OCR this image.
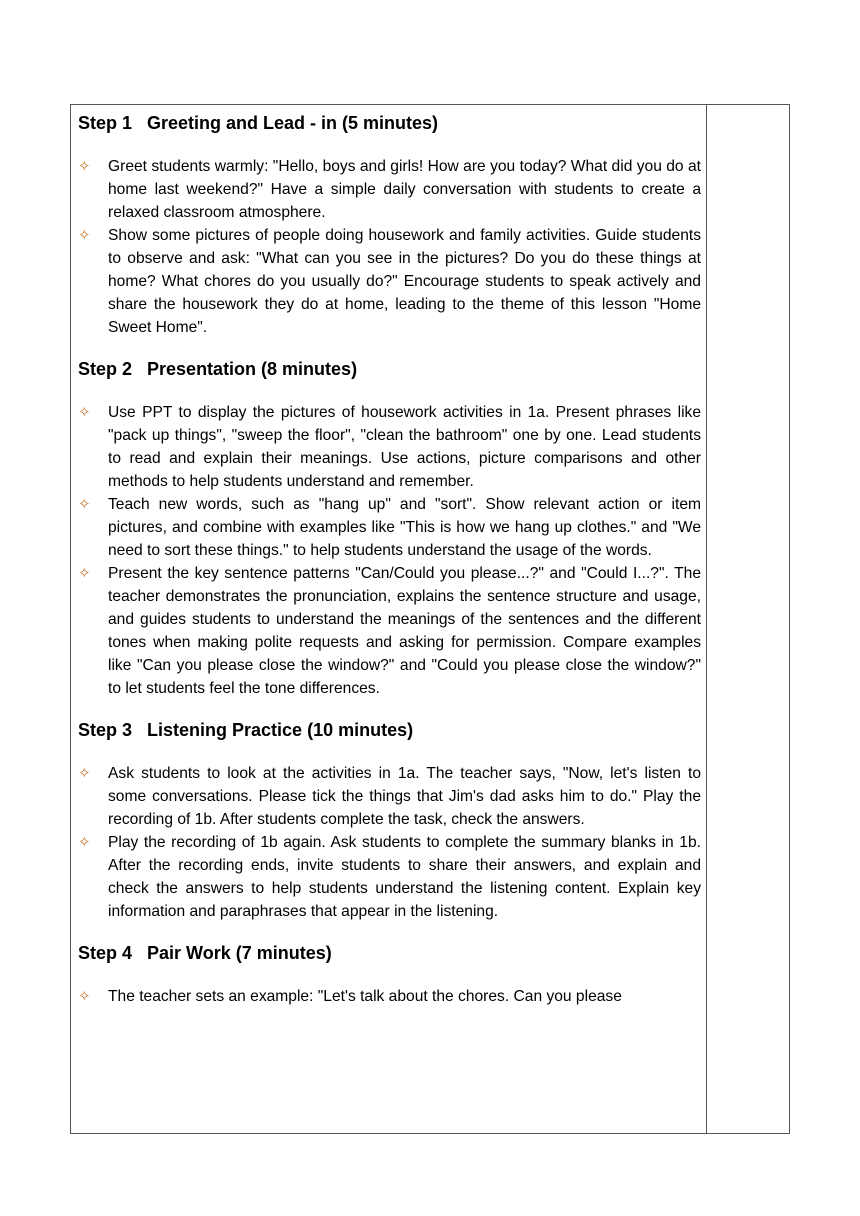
Step 1   Greeting and Lead - in (5 minutes)
✧	Greet students warmly: "Hello, boys and girls! How are you today? What did you do at home last weekend?" Have a simple daily conversation with students to create a relaxed classroom atmosphere.
✧	Show some pictures of people doing housework and family activities. Guide students to observe and ask: "What can you see in the pictures? Do you do these things at home? What chores do you usually do?" Encourage students to speak actively and share the housework they do at home, leading to the theme of this lesson "Home Sweet Home".
Step 2   Presentation (8 minutes)
✧	Use PPT to display the pictures of housework activities in 1a. Present phrases like "pack up things", "sweep the floor", "clean the bathroom" one by one. Lead students to read and explain their meanings. Use actions, picture comparisons and other methods to help students understand and remember.
✧	Teach new words, such as "hang up" and "sort". Show relevant action or item pictures, and combine with examples like "This is how we hang up clothes." and "We need to sort these things." to help students understand the usage of the words.
✧	Present the key sentence patterns "Can/Could you please...?" and "Could I...?". The teacher demonstrates the pronunciation, explains the sentence structure and usage, and guides students to understand the meanings of the sentences and the different tones when making polite requests and asking for permission. Compare examples like "Can you please close the window?" and "Could you please close the window?" to let students feel the tone differences.
Step 3   Listening Practice (10 minutes)
✧	Ask students to look at the activities in 1a. The teacher says, "Now, let's listen to some conversations. Please tick the things that Jim's dad asks him to do." Play the recording of 1b. After students complete the task, check the answers.
✧	Play the recording of 1b again. Ask students to complete the summary blanks in 1b. After the recording ends, invite students to share their answers, and explain and check the answers to help students understand the listening content. Explain key information and paraphrases that appear in the listening.
Step 4   Pair Work (7 minutes)
✧	The teacher sets an example: "Let's talk about the chores. Can you please
